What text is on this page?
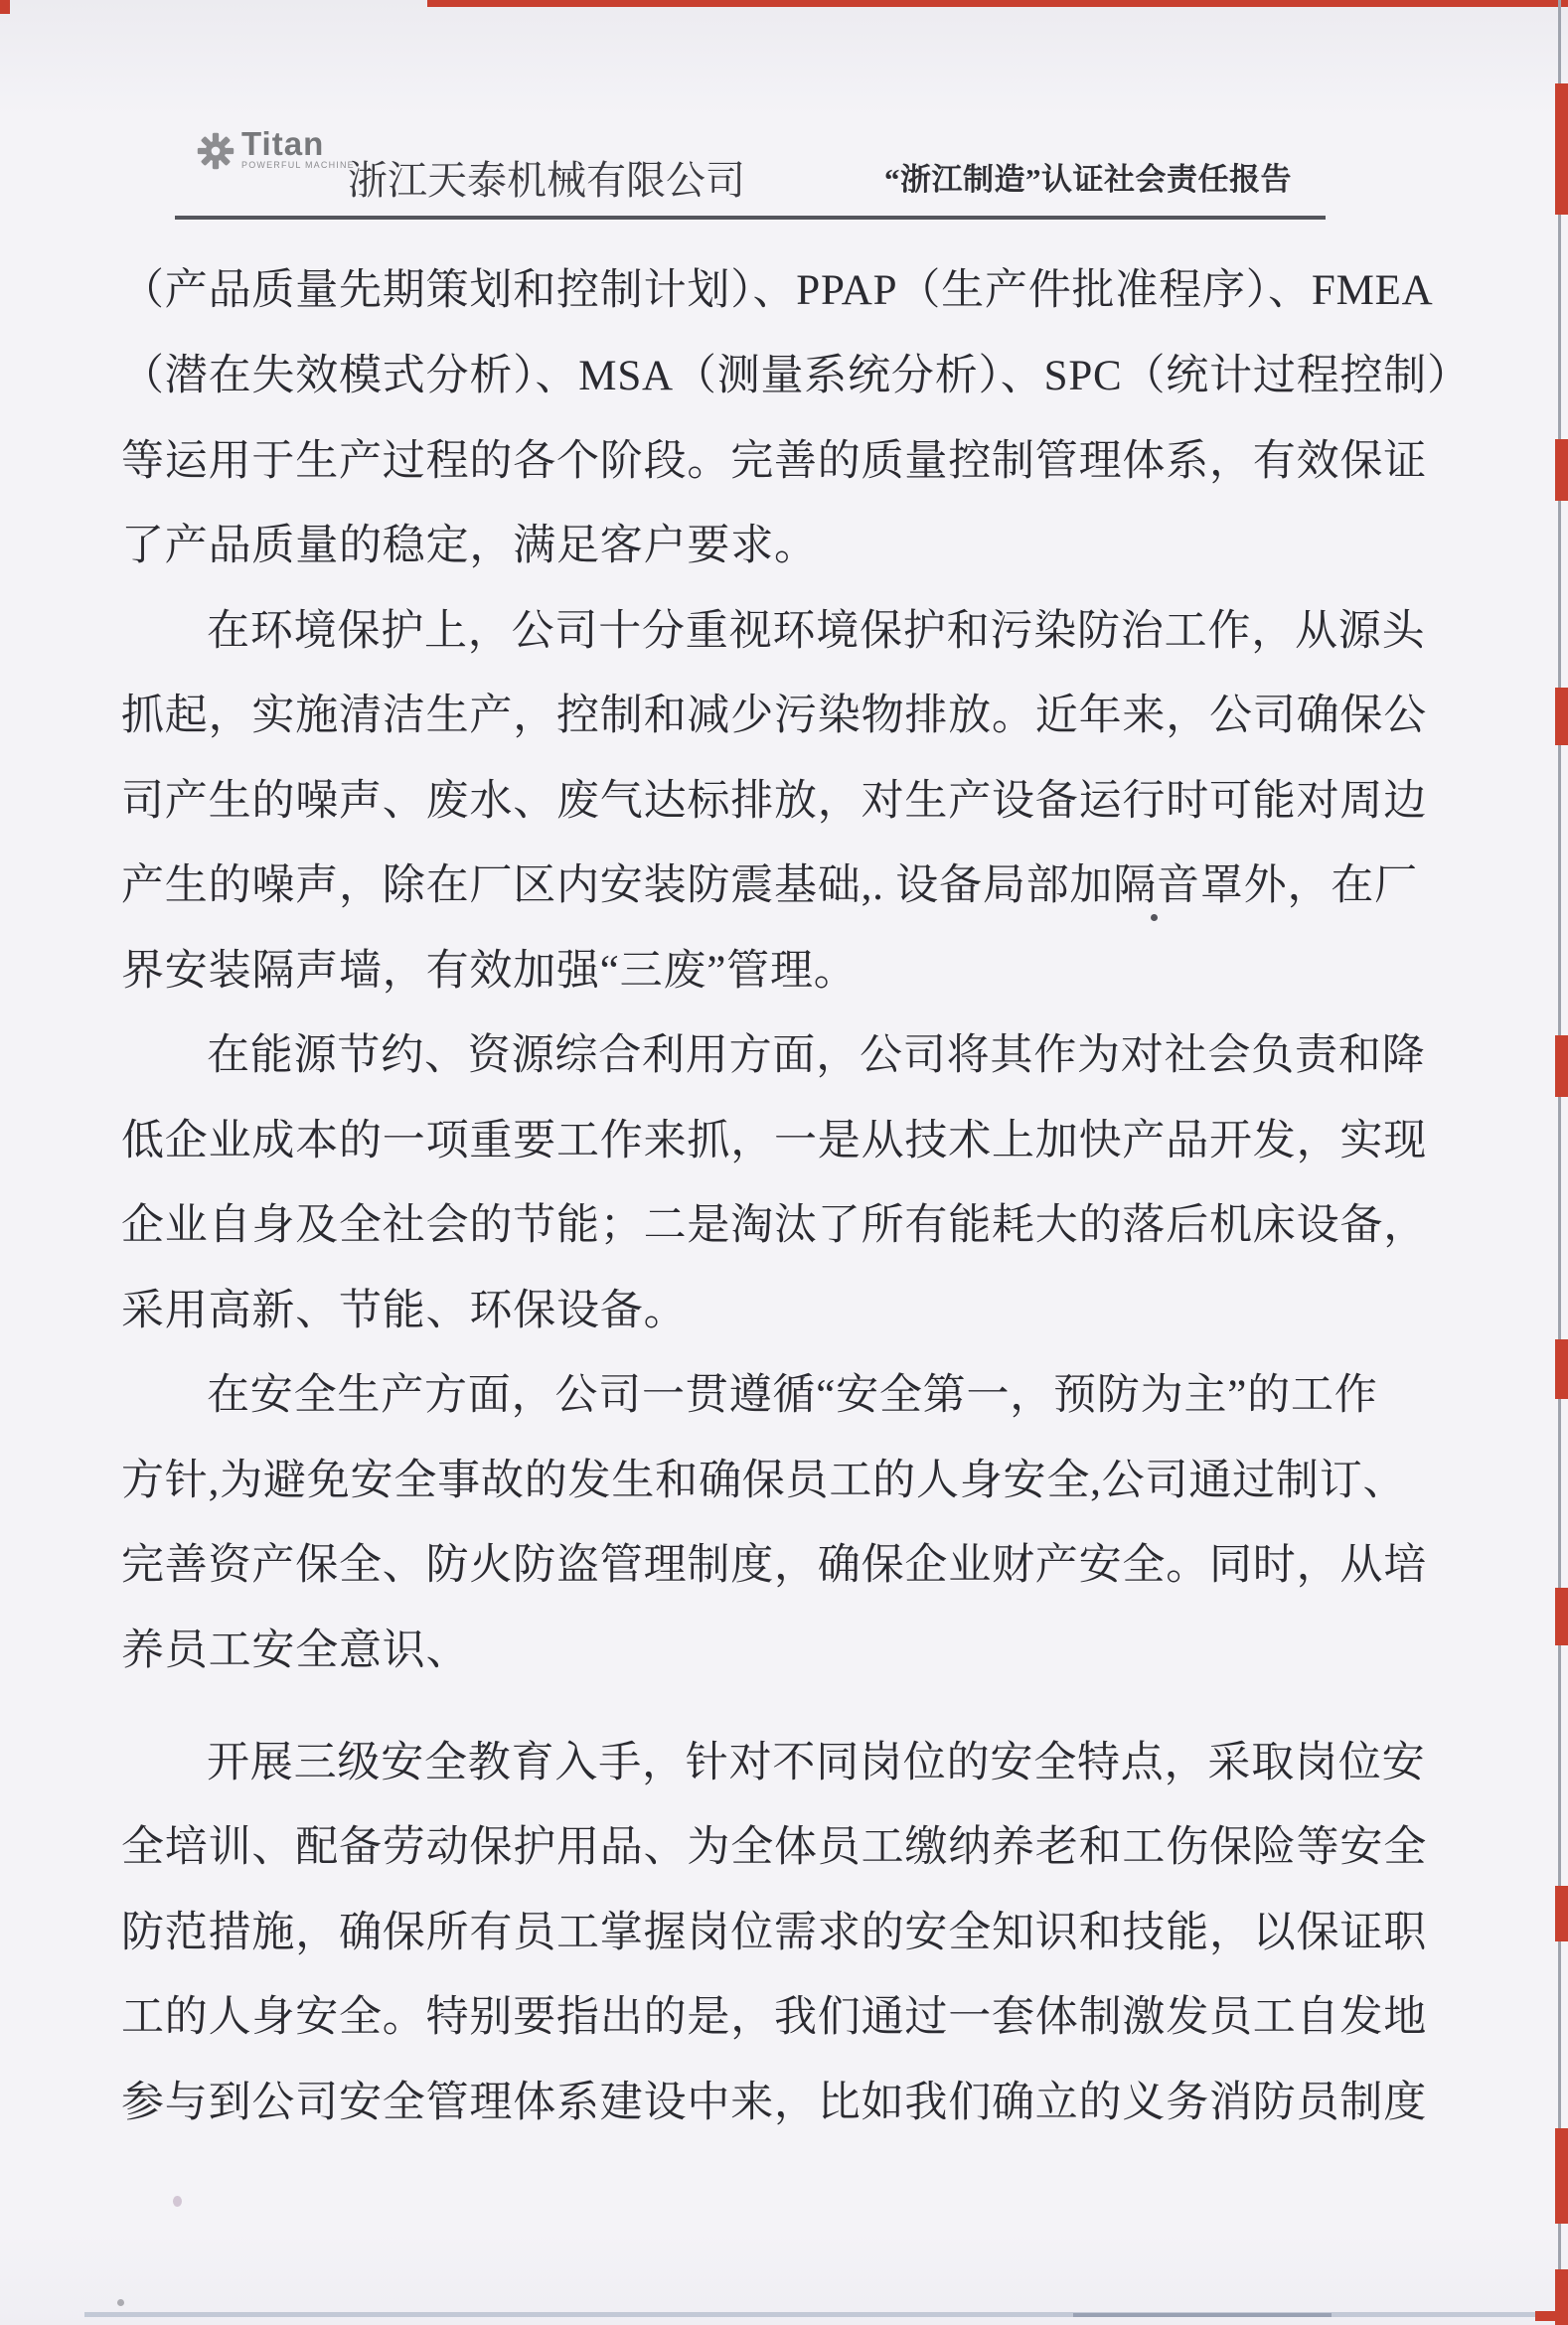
Titan
POWERFUL MACHINE
浙江天泰机械有限公司	“浙江制造”认证社会责任报告
（产品质量先期策划和控制计划）、PPAP（生产件批准程序）、FMEA
（潜在失效模式分析）、MSA（测量系统分析）、SPC（统计过程控制）
等运用于生产过程的各个阶段。完善的质量控制管理体系，有效保证
了产品质量的稳定，满足客户要求。
在环境保护上，公司十分重视环境保护和污染防治工作，从源头
抓起，实施清洁生产，控制和减少污染物排放。近年来，公司确保公
司产生的噪声、废水、废气达标排放，对生产设备运行时可能对周边
产生的噪声，除在厂区内安装防震基础,. 设备局部加隔音罩外，在厂
界安装隔声墙，有效加强“三废”管理。
在能源节约、资源综合利用方面，公司将其作为对社会负责和降
低企业成本的一项重要工作来抓，一是从技术上加快产品开发，实现
企业自身及全社会的节能；二是淘汰了所有能耗大的落后机床设备，
采用高新、节能、环保设备。
在安全生产方面，公司一贯遵循“安全第一，预防为主”的工作
方针,为避免安全事故的发生和确保员工的人身安全,公司通过制订、
完善资产保全、防火防盗管理制度，确保企业财产安全。同时，从培
养员工安全意识、
开展三级安全教育入手，针对不同岗位的安全特点，采取岗位安
全培训、配备劳动保护用品、为全体员工缴纳养老和工伤保险等安全
防范措施，确保所有员工掌握岗位需求的安全知识和技能，以保证职
工的人身安全。特别要指出的是，我们通过一套体制激发员工自发地
参与到公司安全管理体系建设中来，比如我们确立的义务消防员制度
